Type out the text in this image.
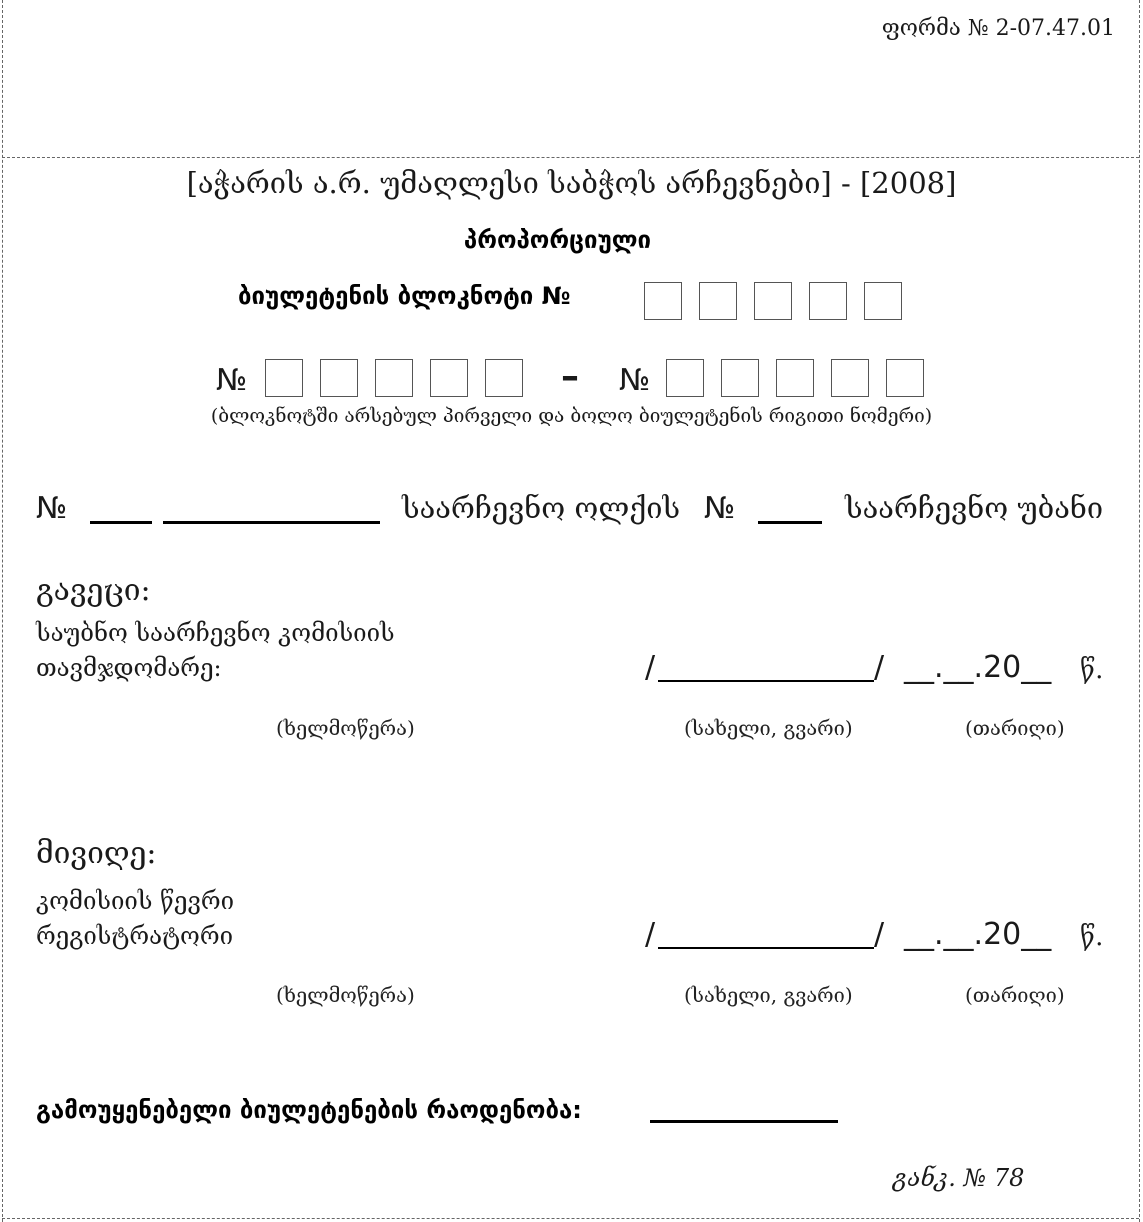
ფორმა № 2-07.47.01
[აჭარის ა.რ. უმაღლესი საბჭოს არჩევნები] - [2008]
პროპორციული
ბიულეტენის ბლოკნოტი №
№	– №
(ბლოკნოტში არსებულ პირველი და ბოლო ბიულეტენის რიგითი ნომერი)
№	საარჩევნო ოლქის №	საარჩევნო უბანი
გავეცი:
საუბნო საარჩევნო კომისიის
თავმჯდომარე:	/	/ __.__.20__ წ.
(ხელმოწერა)	(სახელი, გვარი)	(თარიღი)
მივიღე:
კომისიის წევრი
რეგისტრატორი	/	/ __.__.20__ წ.
(ხელმოწერა)	(სახელი, გვარი)	(თარიღი)
გამოუყენებელი ბიულეტენების რაოდენობა:
განკ. № 78
